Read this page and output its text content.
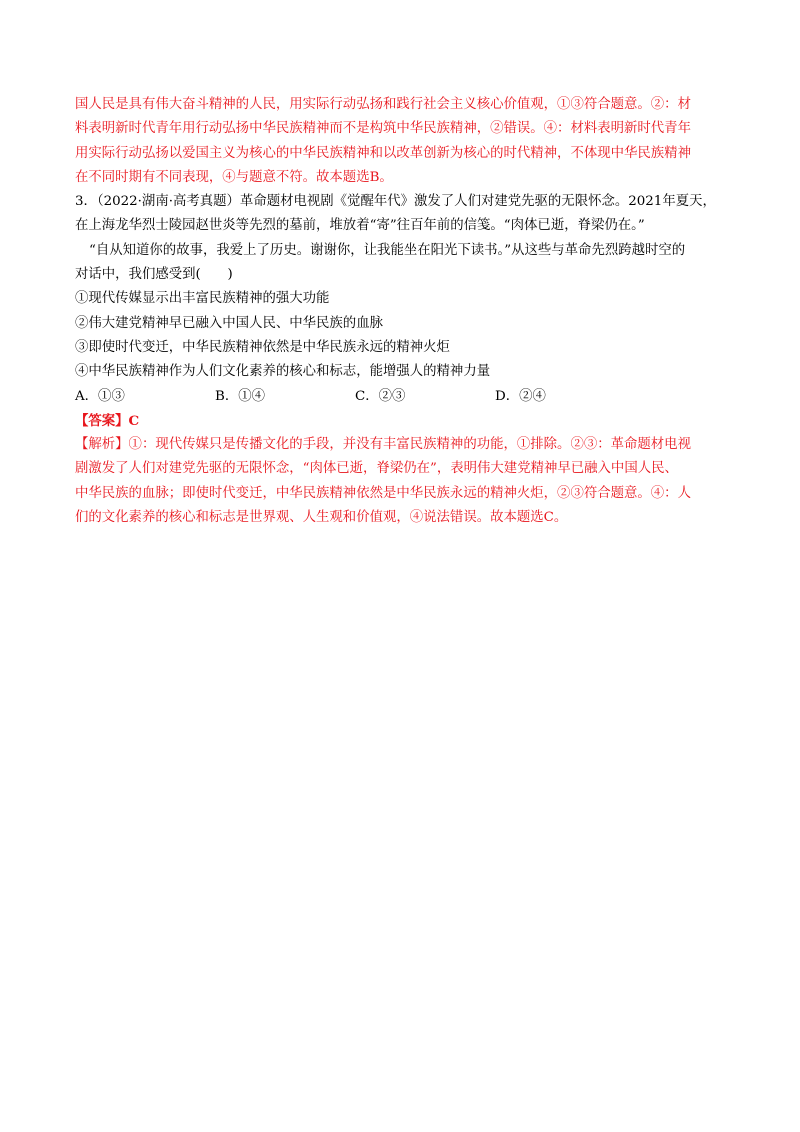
国人民是具有伟大奋斗精神的人民，用实际行动弘扬和践行社会主义核心价值观，①③符合题意。②：材
料表明新时代青年用行动弘扬中华民族精神而不是构筑中华民族精神，②错误。④：材料表明新时代青年
用实际行动弘扬以爱国主义为核心的中华民族精神和以改革创新为核心的时代精神，不体现中华民族精神
在不同时期有不同表现，④与题意不符。故本题选B。
3．（2022·湖南·高考真题）革命题材电视剧《觉醒年代》激发了人们对建党先驱的无限怀念。2021年夏天，
在上海龙华烈士陵园赵世炎等先烈的墓前，堆放着“寄”往百年前的信笺。“肉体已逝，脊梁仍在。”
“自从知道你的故事，我爱上了历史。谢谢你，让我能坐在阳光下读书。”从这些与革命先烈跨越时空的
对话中，我们感受到(　　)
①现代传媒显示出丰富民族精神的强大功能
②伟大建党精神早已融入中国人民、中华民族的血脉
③即使时代变迁，中华民族精神依然是中华民族永远的精神火炬
④中华民族精神作为人们文化素养的核心和标志，能增强人的精神力量
A．①③	B．①④	C．②③	D．②④
【答案】C
【解析】①：现代传媒只是传播文化的手段，并没有丰富民族精神的功能，①排除。②③：革命题材电视
剧激发了人们对建党先驱的无限怀念，“肉体已逝，脊梁仍在”，表明伟大建党精神早已融入中国人民、
中华民族的血脉；即使时代变迁，中华民族精神依然是中华民族永远的精神火炬，②③符合题意。④：人
们的文化素养的核心和标志是世界观、人生观和价值观，④说法错误。故本题选C。
